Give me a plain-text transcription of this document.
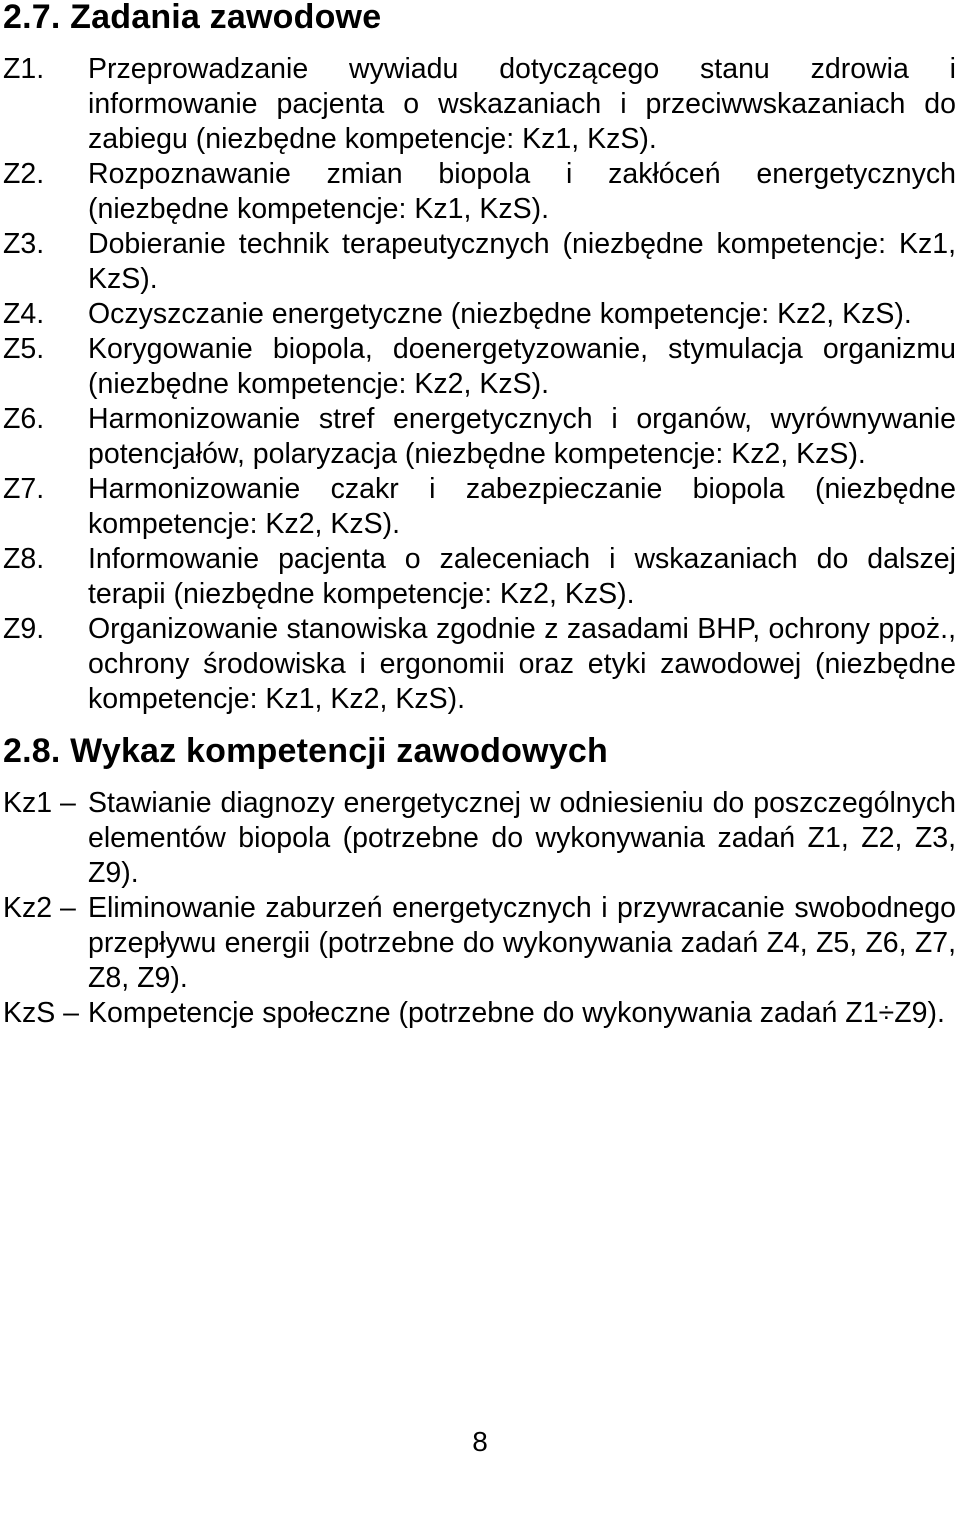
2.7. Zadania zawodowe
Z1. Przeprowadzanie wywiadu dotyczącego stanu zdrowia i informowanie pacjenta o wskazaniach i przeciwwskazaniach do zabiegu (niezbędne kompetencje: Kz1, KzS).
Z2. Rozpoznawanie zmian biopola i zakłóceń energetycznych (niezbędne kompetencje: Kz1, KzS).
Z3. Dobieranie technik terapeutycznych (niezbędne kompetencje: Kz1, KzS).
Z4. Oczyszczanie energetyczne (niezbędne kompetencje: Kz2, KzS).
Z5. Korygowanie biopola, doenergetyzowanie, stymulacja organizmu (niezbędne kompetencje: Kz2, KzS).
Z6. Harmonizowanie stref energetycznych i organów, wyrównywanie potencjałów, polaryzacja (niezbędne kompetencje: Kz2, KzS).
Z7. Harmonizowanie czakr i zabezpieczanie biopola (niezbędne kompetencje: Kz2, KzS).
Z8. Informowanie pacjenta o zaleceniach i wskazaniach do dalszej terapii (niezbędne kompetencje: Kz2, KzS).
Z9. Organizowanie stanowiska zgodnie z zasadami BHP, ochrony ppoż., ochrony środowiska i ergonomii oraz etyki zawodowej (niezbędne kompetencje: Kz1, Kz2, KzS).
2.8. Wykaz kompetencji zawodowych
Kz1 – Stawianie diagnozy energetycznej w odniesieniu do poszczególnych elementów biopola (potrzebne do wykonywania zadań Z1, Z2, Z3, Z9).
Kz2 – Eliminowanie zaburzeń energetycznych i przywracanie swobodnego przepływu energii (potrzebne do wykonywania zadań Z4, Z5, Z6, Z7, Z8, Z9).
KzS – Kompetencje społeczne (potrzebne do wykonywania zadań Z1÷Z9).
8
